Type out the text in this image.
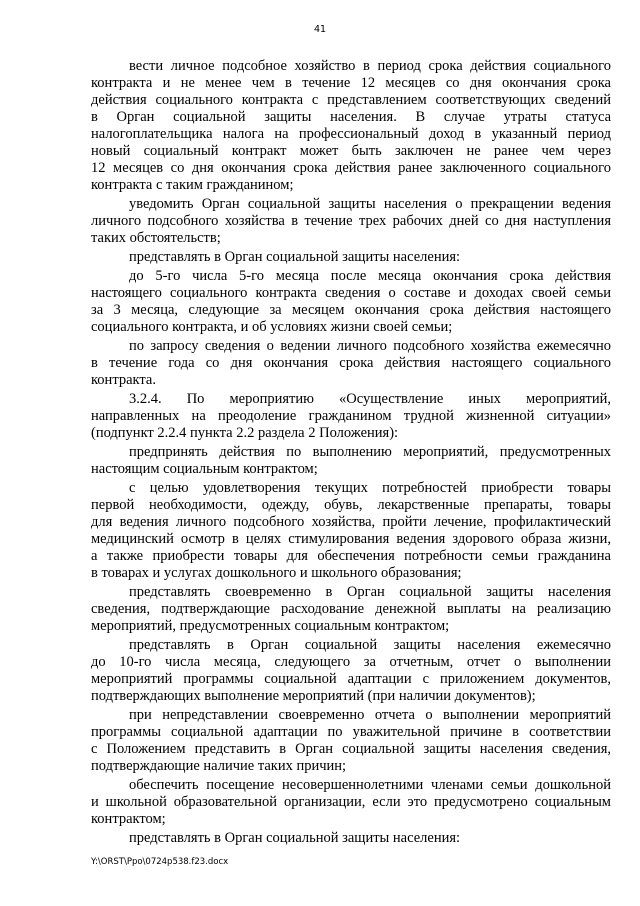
41
вести личное подсобное хозяйство в период срока действия социального
контракта и не менее чем в течение 12 месяцев со дня окончания срока
действия социального контракта с представлением соответствующих сведений
в Орган социальной защиты населения. В случае утраты статуса
налогоплательщика налога на профессиональный доход в указанный период
новый социальный контракт может быть заключен не ранее чем через
12 месяцев со дня окончания срока действия ранее заключенного социального
контракта с таким гражданином;
уведомить Орган социальной защиты населения о прекращении ведения
личного подсобного хозяйства в течение трех рабочих дней со дня наступления
таких обстоятельств;
представлять в Орган социальной защиты населения:
до 5-го числа 5-го месяца после месяца окончания срока действия
настоящего социального контракта сведения о составе и доходах своей семьи
за 3 месяца, следующие за месяцем окончания срока действия настоящего
социального контракта, и об условиях жизни своей семьи;
по запросу сведения о ведении личного подсобного хозяйства ежемесячно
в течение года со дня окончания срока действия настоящего социального
контракта.
3.2.4. По мероприятию «Осуществление иных мероприятий,
направленных на преодоление гражданином трудной жизненной ситуации»
(подпункт 2.2.4 пункта 2.2 раздела 2 Положения):
предпринять действия по выполнению мероприятий, предусмотренных
настоящим социальным контрактом;
с целью удовлетворения текущих потребностей приобрести товары
первой необходимости, одежду, обувь, лекарственные препараты, товары
для ведения личного подсобного хозяйства, пройти лечение, профилактический
медицинский осмотр в целях стимулирования ведения здорового образа жизни,
а также приобрести товары для обеспечения потребности семьи гражданина
в товарах и услугах дошкольного и школьного образования;
представлять своевременно в Орган социальной защиты населения
сведения, подтверждающие расходование денежной выплаты на реализацию
мероприятий, предусмотренных социальным контрактом;
представлять в Орган социальной защиты населения ежемесячно
до 10-го числа месяца, следующего за отчетным, отчет о выполнении
мероприятий программы социальной адаптации с приложением документов,
подтверждающих выполнение мероприятий (при наличии документов);
при непредставлении своевременно отчета о выполнении мероприятий
программы социальной адаптации по уважительной причине в соответствии
с Положением представить в Орган социальной защиты населения сведения,
подтверждающие наличие таких причин;
обеспечить посещение несовершеннолетними членами семьи дошкольной
и школьной образовательной организации, если это предусмотрено социальным
контрактом;
представлять в Орган социальной защиты населения:
Y:\ORST\Ppo\0724p538.f23.docx
